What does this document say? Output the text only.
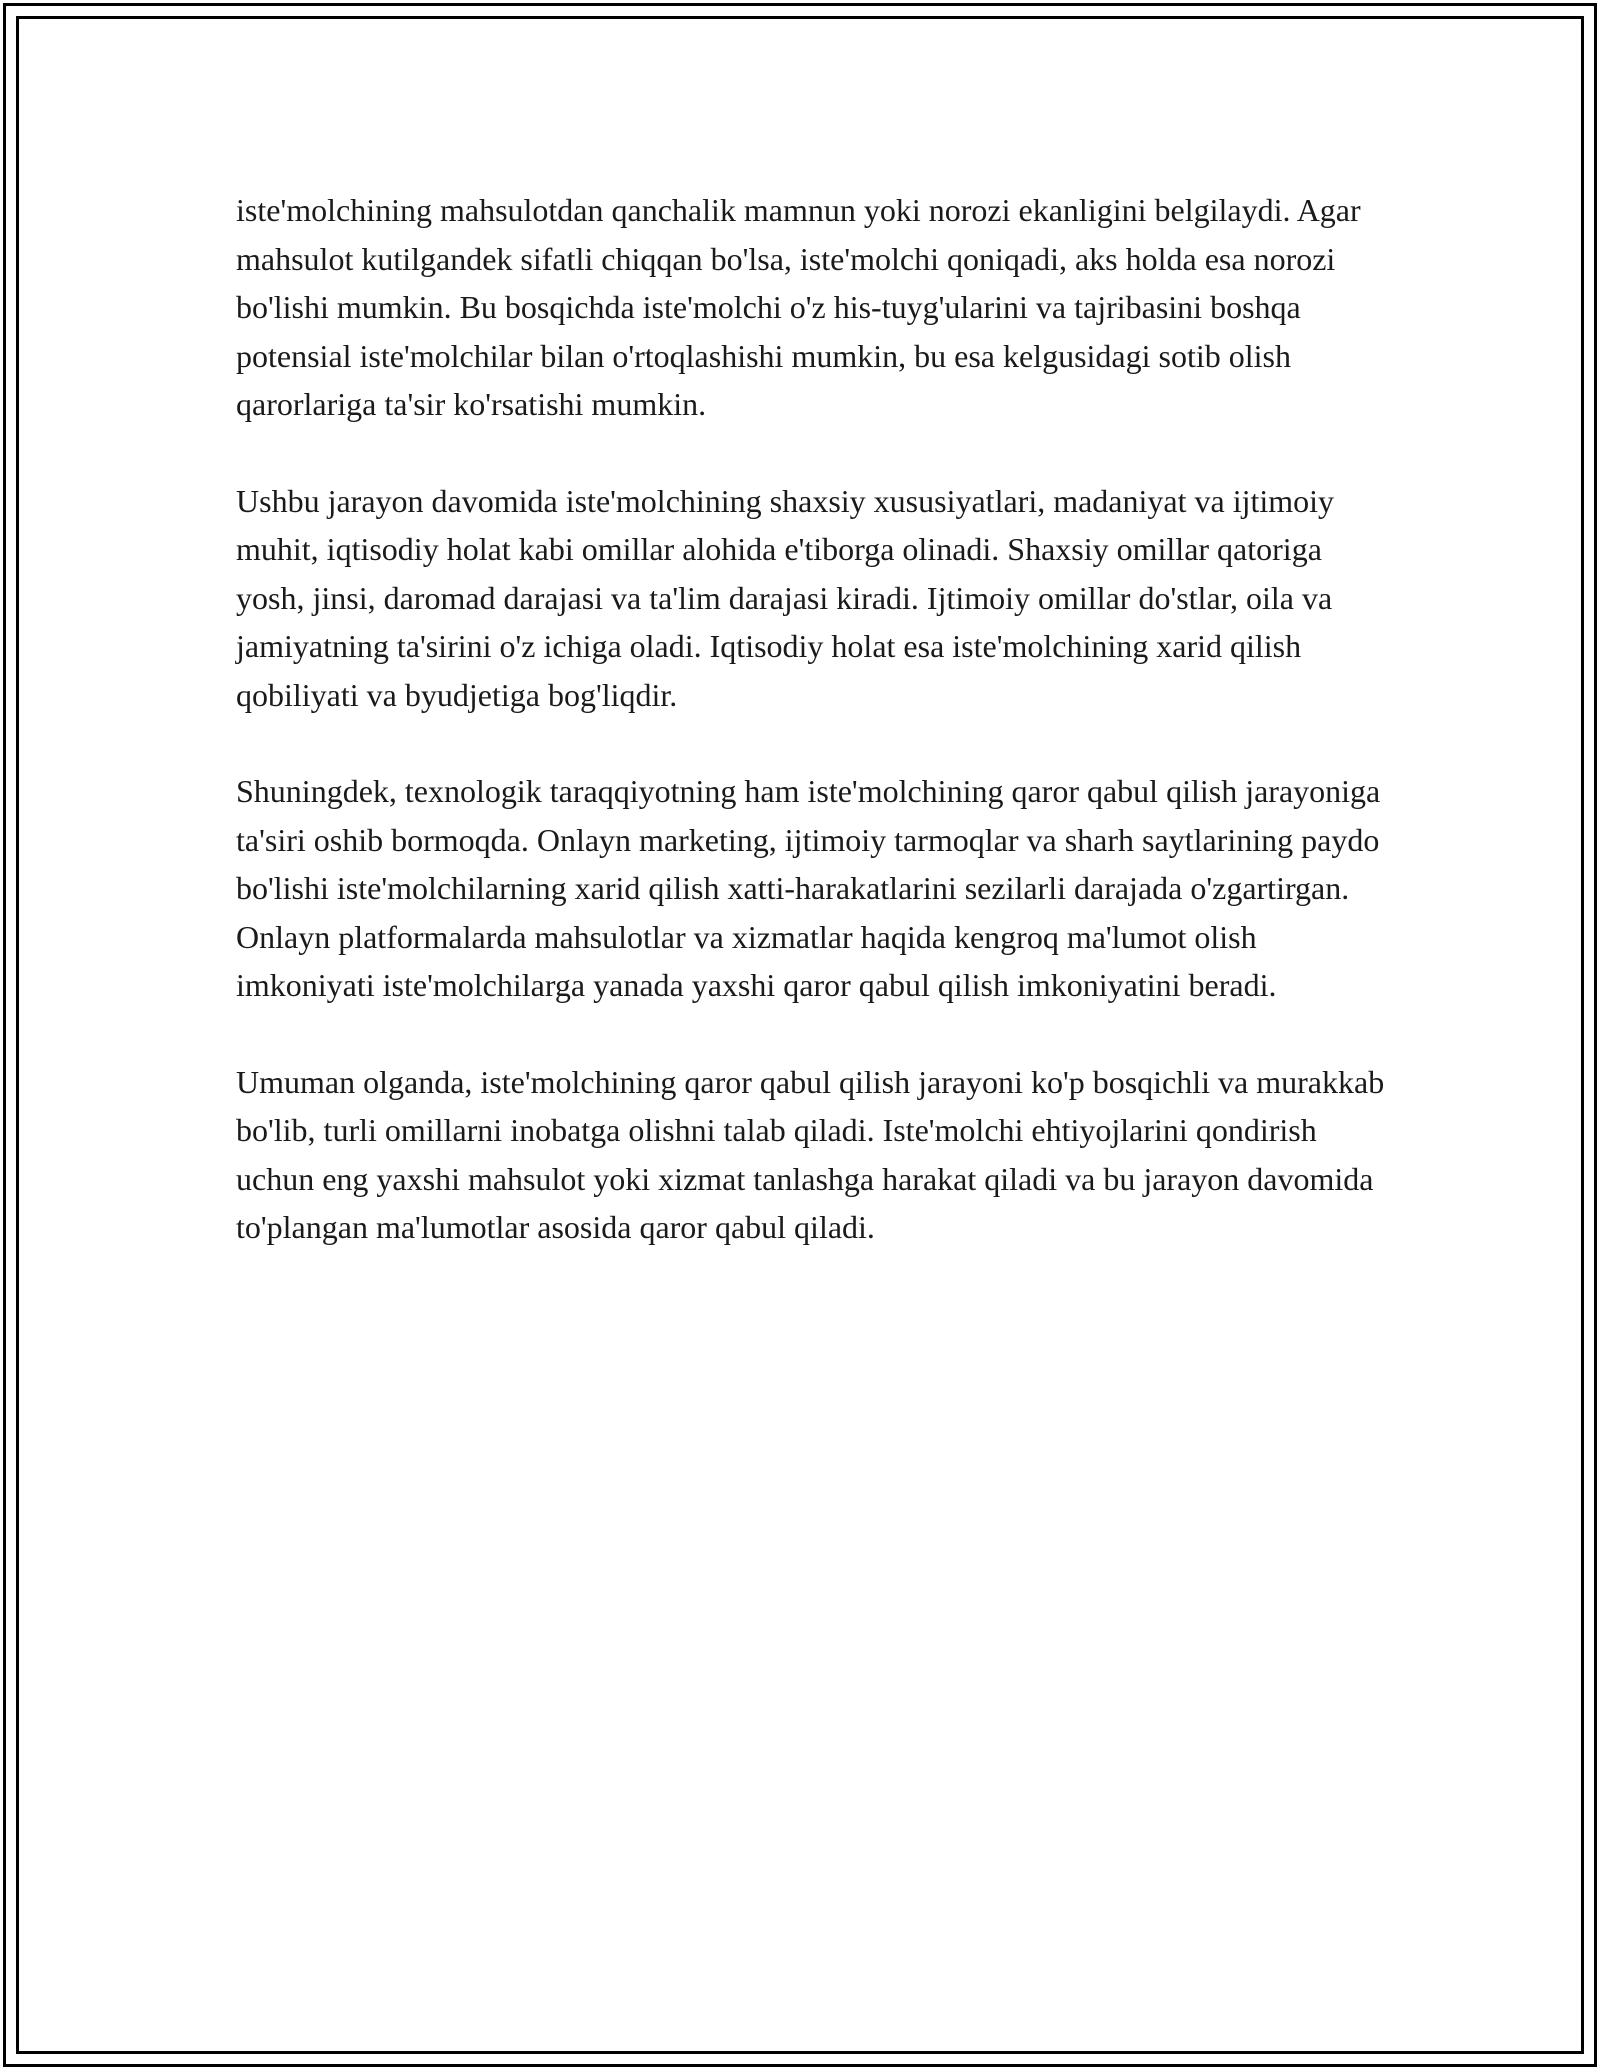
iste'molchining mahsulotdan qanchalik mamnun yoki norozi ekanligini belgilaydi. Agar mahsulot kutilgandek sifatli chiqqan bo'lsa, iste'molchi qoniqadi, aks holda esa norozi bo'lishi mumkin. Bu bosqichda iste'molchi o'z his-tuyg'ularini va tajribasini boshqa potensial iste'molchilar bilan o'rtoqlashishi mumkin, bu esa kelgusidagi sotib olish qarorlariga ta'sir ko'rsatishi mumkin.

Ushbu jarayon davomida iste'molchining shaxsiy xususiyatlari, madaniyat va ijtimoiy muhit, iqtisodiy holat kabi omillar alohida e'tiborga olinadi. Shaxsiy omillar qatoriga yosh, jinsi, daromad darajasi va ta'lim darajasi kiradi. Ijtimoiy omillar do'stlar, oila va jamiyatning ta'sirini o'z ichiga oladi. Iqtisodiy holat esa iste'molchining xarid qilish qobiliyati va byudjetiga bog'liqdir.

Shuningdek, texnologik taraqqiyotning ham iste'molchining qaror qabul qilish jarayoniga ta'siri oshib bormoqda. Onlayn marketing, ijtimoiy tarmoqlar va sharh saytlarining paydo bo'lishi iste'molchilarning xarid qilish xatti-harakatlarini sezilarli darajada o'zgartirgan. Onlayn platformalarda mahsulotlar va xizmatlar haqida kengroq ma'lumot olish imkoniyati iste'molchilarga yanada yaxshi qaror qabul qilish imkoniyatini beradi.

Umuman olganda, iste'molchining qaror qabul qilish jarayoni ko'p bosqichli va murakkab bo'lib, turli omillarni inobatga olishni talab qiladi. Iste'molchi ehtiyojlarini qondirish uchun eng yaxshi mahsulot yoki xizmat tanlashga harakat qiladi va bu jarayon davomida to'plangan ma'lumotlar asosida qaror qabul qiladi.
